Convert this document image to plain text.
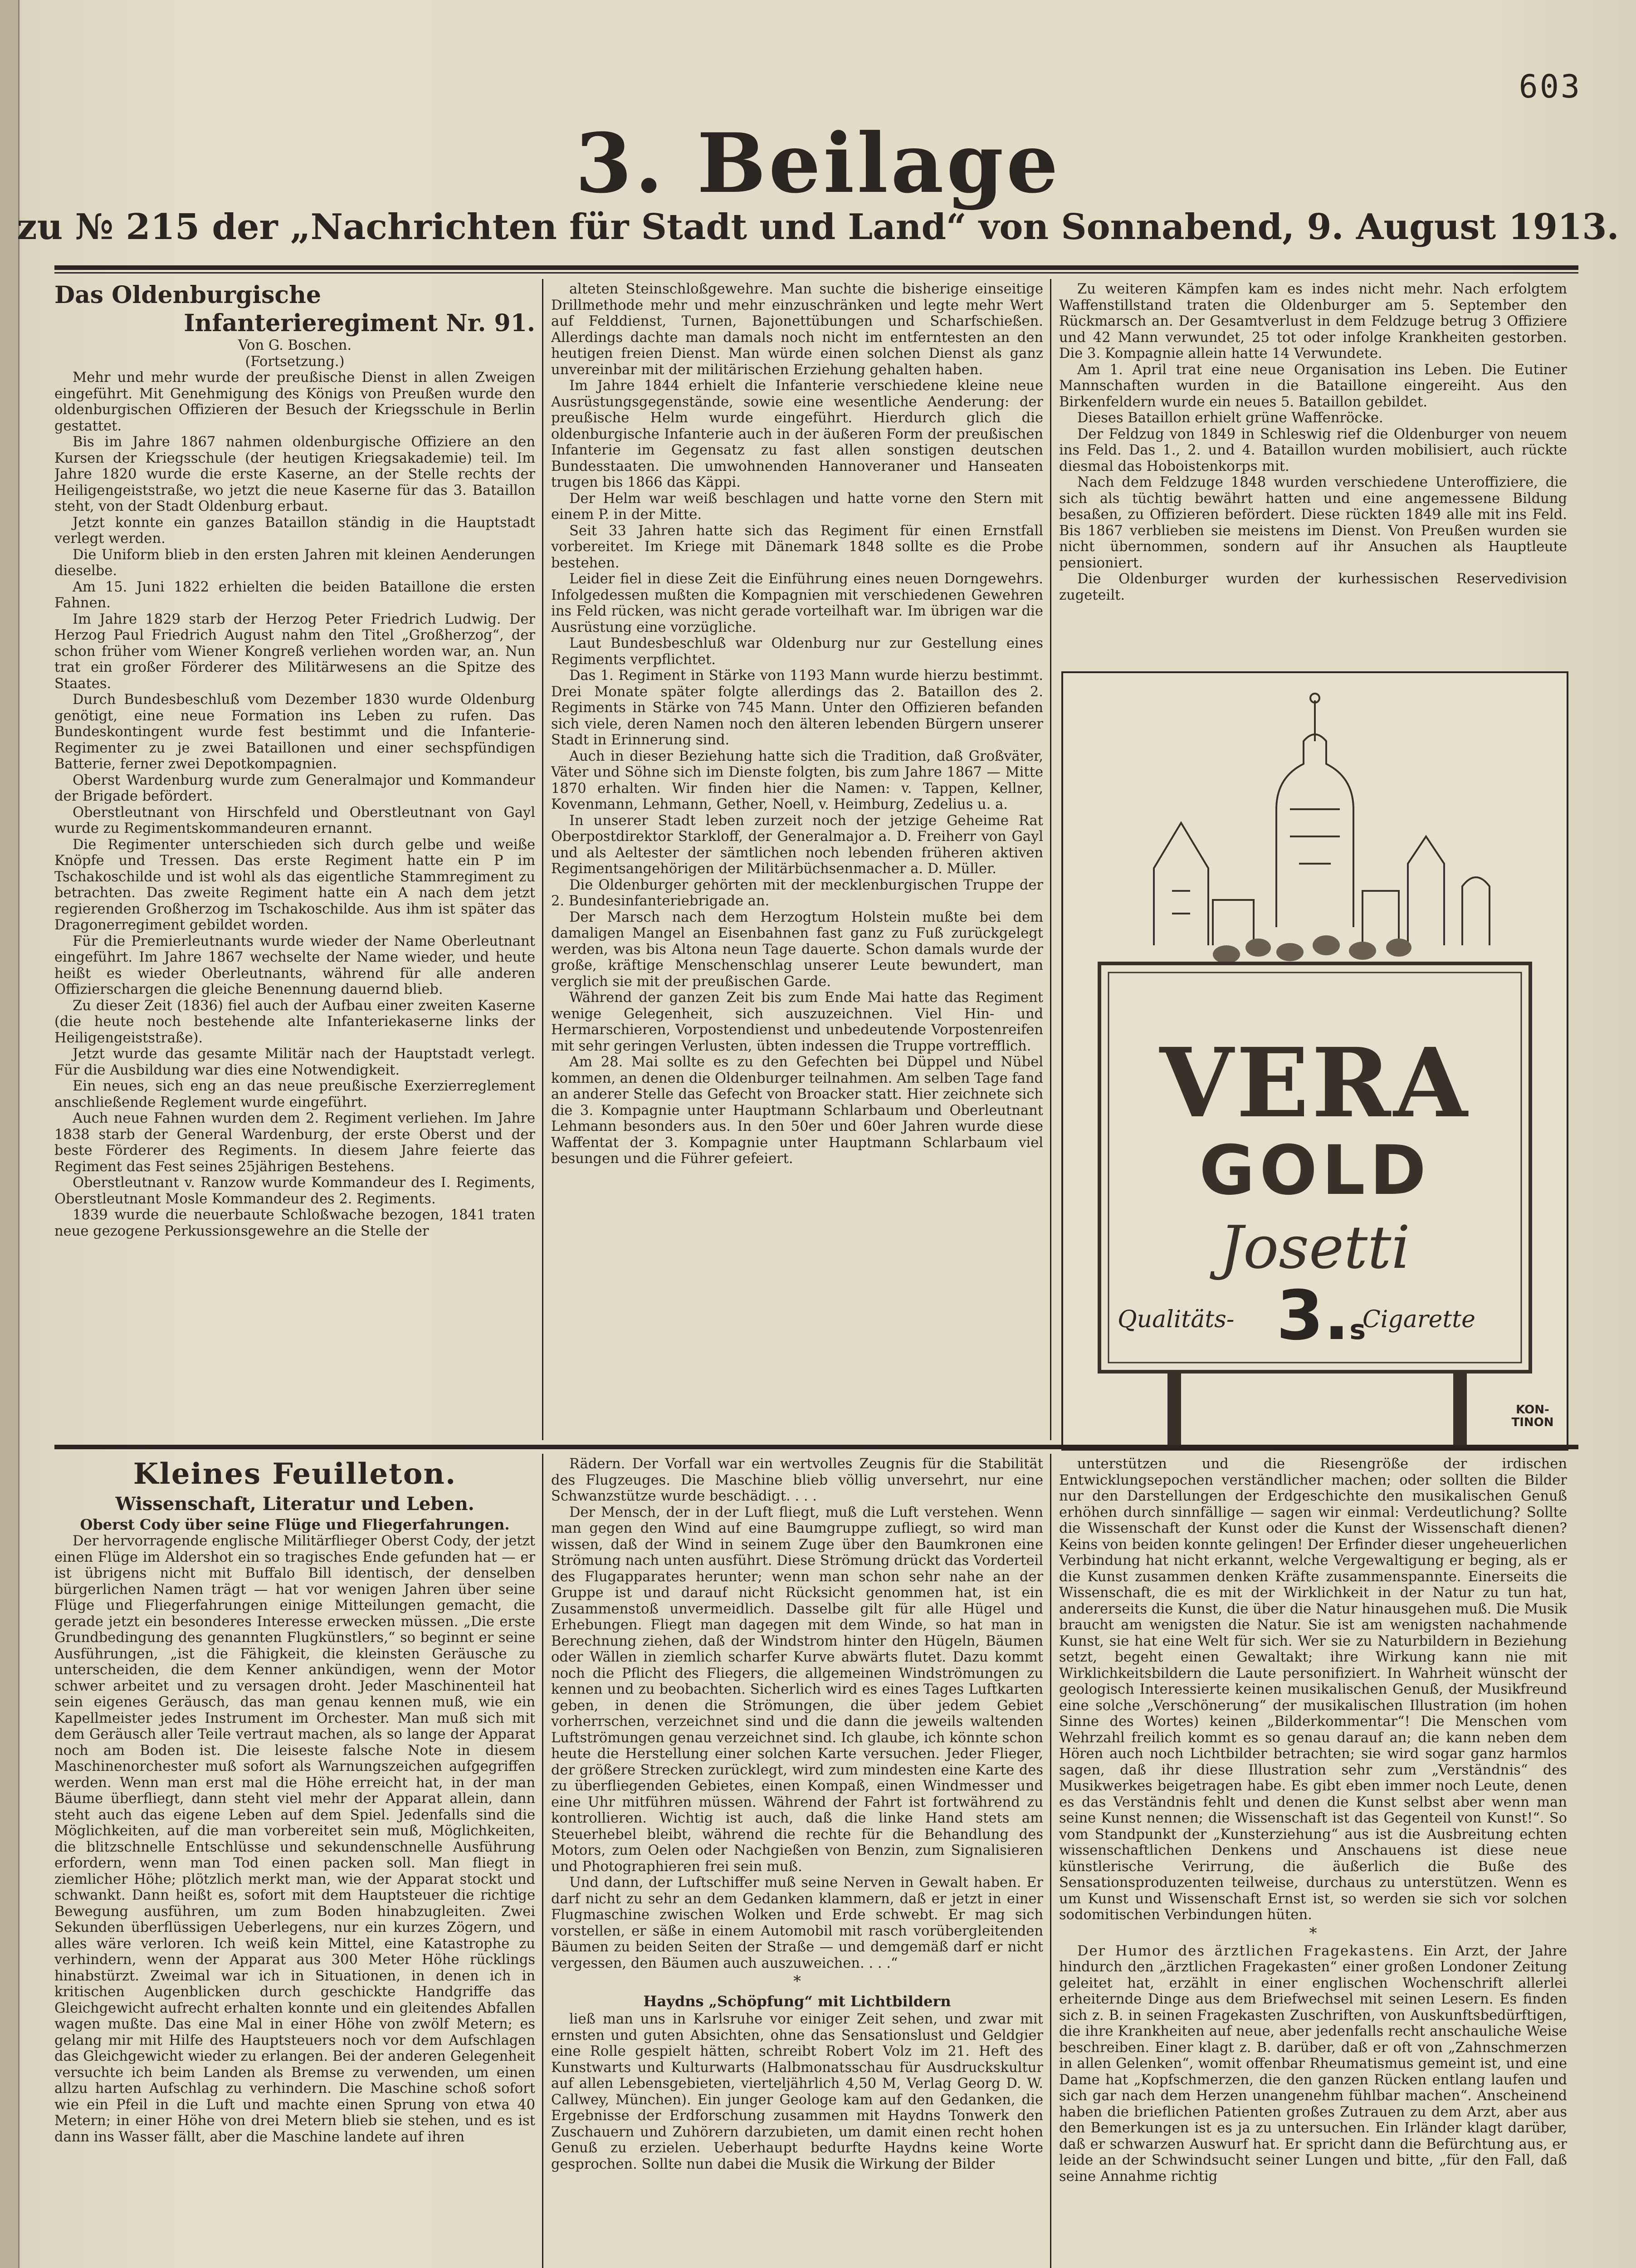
603
3. Beilage
zu № 215 der „Nachrichten für Stadt und Land“ von Sonnabend, 9. August 1913.
Das Oldenburgische
Infanterieregiment Nr. 91.

Von G. Boschen.

(Fortsetzung.)

Mehr und mehr wurde der preußische Dienst in allen Zweigen eingeführt. Mit Genehmigung des Königs von Preußen wurde den oldenburgischen Offizieren der Besuch der Kriegsschule in Berlin gestattet.

Bis im Jahre 1867 nahmen oldenburgische Offiziere an den Kursen der Kriegsschule (der heutigen Kriegsakademie) teil. Im Jahre 1820 wurde die erste Kaserne, an der Stelle rechts der Heiligengeiststraße, wo jetzt die neue Kaserne für das 3. Bataillon steht, von der Stadt Oldenburg erbaut.

Jetzt konnte ein ganzes Bataillon ständig in die Hauptstadt verlegt werden.

Die Uniform blieb in den ersten Jahren mit kleinen Aenderungen dieselbe.

Am 15. Juni 1822 erhielten die beiden Bataillone die ersten Fahnen.

Im Jahre 1829 starb der Herzog Peter Friedrich Ludwig. Der Herzog Paul Friedrich August nahm den Titel „Großherzog“, der schon früher vom Wiener Kongreß verliehen worden war, an. Nun trat ein großer Förderer des Militärwesens an die Spitze des Staates.

Durch Bundesbeschluß vom Dezember 1830 wurde Oldenburg genötigt, eine neue Formation ins Leben zu rufen. Das Bundeskontingent wurde fest bestimmt und die Infanterie-Regimenter zu je zwei Bataillonen und einer sechspfündigen Batterie, ferner zwei Depotkompagnien.

Oberst Wardenburg wurde zum Generalmajor und Kommandeur der Brigade befördert.

Oberstleutnant von Hirschfeld und Oberstleutnant von Gayl wurde zu Regimentskommandeuren ernannt.

Die Regimenter unterschieden sich durch gelbe und weiße Knöpfe und Tressen. Das erste Regiment hatte ein P im Tschakoschilde und ist wohl als das eigentliche Stammregiment zu betrachten. Das zweite Regiment hatte ein A nach dem jetzt regierenden Großherzog im Tschakoschilde. Aus ihm ist später das Dragonerregiment gebildet worden.

Für die Premierleutnants wurde wieder der Name Oberleutnant eingeführt. Im Jahre 1867 wechselte der Name wieder, und heute heißt es wieder Oberleutnants, während für alle anderen Offizierschargen die gleiche Benennung dauernd blieb.

Zu dieser Zeit (1836) fiel auch der Aufbau einer zweiten Kaserne (die heute noch bestehende alte Infanteriekaserne links der Heiligengeiststraße).

Jetzt wurde das gesamte Militär nach der Hauptstadt verlegt. Für die Ausbildung war dies eine Notwendigkeit.

Ein neues, sich eng an das neue preußische Exerzierreglement anschließende Reglement wurde eingeführt.

Auch neue Fahnen wurden dem 2. Regiment verliehen. Im Jahre 1838 starb der General Wardenburg, der erste Oberst und der beste Förderer des Regiments. In diesem Jahre feierte das Regiment das Fest seines 25jährigen Bestehens.

Oberstleutnant v. Ranzow wurde Kommandeur des I. Regiments, Oberstleutnant Mosle Kommandeur des 2. Regiments.

1839 wurde die neuerbaute Schloßwache bezogen, 1841 traten neue gezogene Perkussionsgewehre an die Stelle der

alteten Steinschloßgewehre. Man suchte die bisherige einseitige Drillmethode mehr und mehr einzuschränken und legte mehr Wert auf Felddienst, Turnen, Bajonettübungen und Scharfschießen. Allerdings dachte man damals noch nicht im entferntesten an den heutigen freien Dienst. Man würde einen solchen Dienst als ganz unvereinbar mit der militärischen Erziehung gehalten haben.

Im Jahre 1844 erhielt die Infanterie verschiedene kleine neue Ausrüstungsgegenstände, sowie eine wesentliche Aenderung: der preußische Helm wurde eingeführt. Hierdurch glich die oldenburgische Infanterie auch in der äußeren Form der preußischen Infanterie im Gegensatz zu fast allen sonstigen deutschen Bundesstaaten. Die umwohnenden Hannoveraner und Hanseaten trugen bis 1866 das Käppi.

Der Helm war weiß beschlagen und hatte vorne den Stern mit einem P. in der Mitte.

Seit 33 Jahren hatte sich das Regiment für einen Ernstfall vorbereitet. Im Kriege mit Dänemark 1848 sollte es die Probe bestehen.

Leider fiel in diese Zeit die Einführung eines neuen Dorngewehrs. Infolgedessen mußten die Kompagnien mit verschiedenen Gewehren ins Feld rücken, was nicht gerade vorteilhaft war. Im übrigen war die Ausrüstung eine vorzügliche.

Laut Bundesbeschluß war Oldenburg nur zur Gestellung eines Regiments verpflichtet.

Das 1. Regiment in Stärke von 1193 Mann wurde hierzu bestimmt. Drei Monate später folgte allerdings das 2. Bataillon des 2. Regiments in Stärke von 745 Mann. Unter den Offizieren befanden sich viele, deren Namen noch den älteren lebenden Bürgern unserer Stadt in Erinnerung sind.

Auch in dieser Beziehung hatte sich die Tradition, daß Großväter, Väter und Söhne sich im Dienste folgten, bis zum Jahre 1867 — Mitte 1870 erhalten. Wir finden hier die Namen: v. Tappen, Kellner, Kovenmann, Lehmann, Gether, Noell, v. Heimburg, Zedelius u. a.

In unserer Stadt leben zurzeit noch der jetzige Geheime Rat Oberpostdirektor Starkloff, der Generalmajor a. D. Freiherr von Gayl und als Aeltester der sämtlichen noch lebenden früheren aktiven Regimentsangehörigen der Militärbüchsenmacher a. D. Müller.

Die Oldenburger gehörten mit der mecklenburgischen Truppe der 2. Bundesinfanteriebrigade an.

Der Marsch nach dem Herzogtum Holstein mußte bei dem damaligen Mangel an Eisenbahnen fast ganz zu Fuß zurückgelegt werden, was bis Altona neun Tage dauerte. Schon damals wurde der große, kräftige Menschenschlag unserer Leute bewundert, man verglich sie mit der preußischen Garde.

Während der ganzen Zeit bis zum Ende Mai hatte das Regiment wenige Gelegenheit, sich auszuzeichnen. Viel Hin- und Hermarschieren, Vorpostendienst und unbedeutende Vorpostenreifen mit sehr geringen Verlusten, übten indessen die Truppe vortrefflich.

Am 28. Mai sollte es zu den Gefechten bei Düppel und Nübel kommen, an denen die Oldenburger teilnahmen. Am selben Tage fand an anderer Stelle das Gefecht von Broacker statt. Hier zeichnete sich die 3. Kompagnie unter Hauptmann Schlarbaum und Oberleutnant Lehmann besonders aus. In den 50er und 60er Jahren wurde diese Waffentat der 3. Kompagnie unter Hauptmann Schlarbaum viel besungen und die Führer gefeiert.

Zu weiteren Kämpfen kam es indes nicht mehr. Nach erfolgtem Waffenstillstand traten die Oldenburger am 5. September den Rückmarsch an. Der Gesamtverlust in dem Feldzuge betrug 3 Offiziere und 42 Mann verwundet, 25 tot oder infolge Krankheiten gestorben. Die 3. Kompagnie allein hatte 14 Verwundete.

Am 1. April trat eine neue Organisation ins Leben. Die Eutiner Mannschaften wurden in die Bataillone eingereiht. Aus den Birkenfeldern wurde ein neues 5. Bataillon gebildet.

Dieses Bataillon erhielt grüne Waffenröcke.

Der Feldzug von 1849 in Schleswig rief die Oldenburger von neuem ins Feld. Das 1., 2. und 4. Bataillon wurden mobilisiert, auch rückte diesmal das Hoboistenkorps mit.

Nach dem Feldzuge 1848 wurden verschiedene Unteroffiziere, die sich als tüchtig bewährt hatten und eine angemessene Bildung besaßen, zu Offizieren befördert. Diese rückten 1849 alle mit ins Feld. Bis 1867 verblieben sie meistens im Dienst. Von Preußen wurden sie nicht übernommen, sondern auf ihr Ansuchen als Hauptleute pensioniert.

Die Oldenburger wurden der kurhessischen Reservedivision zugeteilt.

VERA
GOLD
Josetti
Qualitäts- 3.s
Cigarette
KON-TINON
Kleines Feuilleton.
Wissenschaft, Literatur und Leben.
Oberst Cody über seine Flüge und Fliegerfahrungen.

Der hervorragende englische Militärflieger Oberst Cody, der jetzt einen Flüge im Aldershot ein so tragisches Ende gefunden hat — er ist übrigens nicht mit Buffalo Bill identisch, der denselben bürgerlichen Namen trägt — hat vor wenigen Jahren über seine Flüge und Fliegerfahrungen einige Mitteilungen gemacht, die gerade jetzt ein besonderes Interesse erwecken müssen. „Die erste Grundbedingung des genannten Flugkünstlers,“ so beginnt er seine Ausführungen, „ist die Fähigkeit, die kleinsten Geräusche zu unterscheiden, die dem Kenner ankündigen, wenn der Motor schwer arbeitet und zu versagen droht. Jeder Maschinenteil hat sein eigenes Geräusch, das man genau kennen muß, wie ein Kapellmeister jedes Instrument im Orchester. Man muß sich mit dem Geräusch aller Teile vertraut machen, als so lange der Apparat noch am Boden ist. Die leiseste falsche Note in diesem Maschinenorchester muß sofort als Warnungszeichen aufgegriffen werden. Wenn man erst mal die Höhe erreicht hat, in der man Bäume überfliegt, dann steht viel mehr der Apparat allein, dann steht auch das eigene Leben auf dem Spiel. Jedenfalls sind die Möglichkeiten, auf die man vorbereitet sein muß, Möglichkeiten, die blitzschnelle Entschlüsse und sekundenschnelle Ausführung erfordern, wenn man Tod einen packen soll. Man fliegt in ziemlicher Höhe; plötzlich merkt man, wie der Apparat stockt und schwankt. Dann heißt es, sofort mit dem Hauptsteuer die richtige Bewegung ausführen, um zum Boden hinabzugleiten. Zwei Sekunden überflüssigen Ueberlegens, nur ein kurzes Zögern, und alles wäre verloren. Ich weiß kein Mittel, eine Katastrophe zu verhindern, wenn der Apparat aus 300 Meter Höhe rücklings hinabstürzt. Zweimal war ich in Situationen, in denen ich in kritischen Augenblicken durch geschickte Handgriffe das Gleichgewicht aufrecht erhalten konnte und ein gleitendes Abfallen wagen mußte. Das eine Mal in einer Höhe von zwölf Metern; es gelang mir mit Hilfe des Hauptsteuers noch vor dem Aufschlagen das Gleichgewicht wieder zu erlangen. Bei der anderen Gelegenheit versuchte ich beim Landen als Bremse zu verwenden, um einen allzu harten Aufschlag zu verhindern. Die Maschine schoß sofort wie ein Pfeil in die Luft und machte einen Sprung von etwa 40 Metern; in einer Höhe von drei Metern blieb sie stehen, und es ist dann ins Wasser fällt, aber die Maschine landete auf ihren

Rädern. Der Vorfall war ein wertvolles Zeugnis für die Stabilität des Flugzeuges. Die Maschine blieb völlig unversehrt, nur eine Schwanzstütze wurde beschädigt. . . .

Der Mensch, der in der Luft fliegt, muß die Luft verstehen. Wenn man gegen den Wind auf eine Baumgruppe zufliegt, so wird man wissen, daß der Wind in seinem Zuge über den Baumkronen eine Strömung nach unten ausführt. Diese Strömung drückt das Vorderteil des Flugapparates herunter; wenn man schon sehr nahe an der Gruppe ist und darauf nicht Rücksicht genommen hat, ist ein Zusammenstoß unvermeidlich. Dasselbe gilt für alle Hügel und Erhebungen. Fliegt man dagegen mit dem Winde, so hat man in Berechnung ziehen, daß der Windstrom hinter den Hügeln, Bäumen oder Wällen in ziemlich scharfer Kurve abwärts flutet. Dazu kommt noch die Pflicht des Fliegers, die allgemeinen Windströmungen zu kennen und zu beobachten. Sicherlich wird es eines Tages Luftkarten geben, in denen die Strömungen, die über jedem Gebiet vorherrschen, verzeichnet sind und die dann die jeweils waltenden Luftströmungen genau verzeichnet sind. Ich glaube, ich könnte schon heute die Herstellung einer solchen Karte versuchen. Jeder Flieger, der größere Strecken zurücklegt, wird zum mindesten eine Karte des zu überfliegenden Gebietes, einen Kompaß, einen Windmesser und eine Uhr mitführen müssen. Während der Fahrt ist fortwährend zu kontrollieren. Wichtig ist auch, daß die linke Hand stets am Steuerhebel bleibt, während die rechte für die Behandlung des Motors, zum Oelen oder Nachgießen von Benzin, zum Signalisieren und Photographieren frei sein muß.

Und dann, der Luftschiffer muß seine Nerven in Gewalt haben. Er darf nicht zu sehr an dem Gedanken klammern, daß er jetzt in einer Flugmaschine zwischen Wolken und Erde schwebt. Er mag sich vorstellen, er säße in einem Automobil mit rasch vorübergleitenden Bäumen zu beiden Seiten der Straße — und demgemäß darf er nicht vergessen, den Bäumen auch auszuweichen. . . .“

*
Haydns „Schöpfung“ mit Lichtbildern

ließ man uns in Karlsruhe vor einiger Zeit sehen, und zwar mit ernsten und guten Absichten, ohne das Sensationslust und Geldgier eine Rolle gespielt hätten, schreibt Robert Volz im 21. Heft des Kunstwarts und Kulturwarts (Halbmonatsschau für Ausdruckskultur auf allen Lebensgebieten, vierteljährlich 4,50 M, Verlag Georg D. W. Callwey, München). Ein junger Geologe kam auf den Gedanken, die Ergebnisse der Erdforschung zusammen mit Haydns Tonwerk den Zuschauern und Zuhörern darzubieten, um damit einen recht hohen Genuß zu erzielen. Ueberhaupt bedurfte Haydns keine Worte gesprochen. Sollte nun dabei die Musik die Wirkung der Bilder

unterstützen und die Riesengröße der irdischen Entwicklungsepochen verständlicher machen; oder sollten die Bilder nur den Darstellungen der Erdgeschichte den musikalischen Genuß erhöhen durch sinnfällige — sagen wir einmal: Verdeutlichung? Sollte die Wissenschaft der Kunst oder die Kunst der Wissenschaft dienen? Keins von beiden konnte gelingen! Der Erfinder dieser ungeheuerlichen Verbindung hat nicht erkannt, welche Vergewaltigung er beging, als er die Kunst zusammen denken Kräfte zusammenspannte. Einerseits die Wissenschaft, die es mit der Wirklichkeit in der Natur zu tun hat, andererseits die Kunst, die über die Natur hinausgehen muß. Die Musik braucht am wenigsten die Natur. Sie ist am wenigsten nachahmende Kunst, sie hat eine Welt für sich. Wer sie zu Naturbildern in Beziehung setzt, begeht einen Gewaltakt; ihre Wirkung kann nie mit Wirklichkeitsbildern die Laute personifiziert. In Wahrheit wünscht der geologisch Interessierte keinen musikalischen Genuß, der Musikfreund eine solche „Verschönerung“ der musikalischen Illustration (im hohen Sinne des Wortes) keinen „Bilderkommentar“! Die Menschen vom Wehrzahl freilich kommt es so genau darauf an; die kann neben dem Hören auch noch Lichtbilder betrachten; sie wird sogar ganz harmlos sagen, daß ihr diese Illustration sehr zum „Verständnis“ des Musikwerkes beigetragen habe. Es gibt eben immer noch Leute, denen es das Verständnis fehlt und denen die Kunst selbst aber wenn man seine Kunst nennen; die Wissenschaft ist das Gegenteil von Kunst!“. So vom Standpunkt der „Kunsterziehung“ aus ist die Ausbreitung echten wissenschaftlichen Denkens und Anschauens ist diese neue künstlerische Verirrung, die äußerlich die Buße des Sensationsproduzenten teilweise, durchaus zu unterstützen. Wenn es um Kunst und Wissenschaft Ernst ist, so werden sie sich vor solchen sodomitischen Verbindungen hüten.

*

Der Humor des ärztlichen Fragekastens. Ein Arzt, der Jahre hindurch den „ärztlichen Fragekasten“ einer großen Londoner Zeitung geleitet hat, erzählt in einer englischen Wochenschrift allerlei erheiternde Dinge aus dem Briefwechsel mit seinen Lesern. Es finden sich z. B. in seinen Fragekasten Zuschriften, von Auskunftsbedürftigen, die ihre Krankheiten auf neue, aber jedenfalls recht anschauliche Weise beschreiben. Einer klagt z. B. darüber, daß er oft von „Zahnschmerzen in allen Gelenken“, womit offenbar Rheumatismus gemeint ist, und eine Dame hat „Kopfschmerzen, die den ganzen Rücken entlang laufen und sich gar nach dem Herzen unangenehm fühlbar machen“. Anscheinend haben die brieflichen Patienten großes Zutrauen zu dem Arzt, aber aus den Bemerkungen ist es ja zu untersuchen. Ein Irländer klagt darüber, daß er schwarzen Auswurf hat. Er spricht dann die Befürchtung aus, er leide an der Schwindsucht seiner Lungen und bitte, „für den Fall, daß seine Annahme richtig
